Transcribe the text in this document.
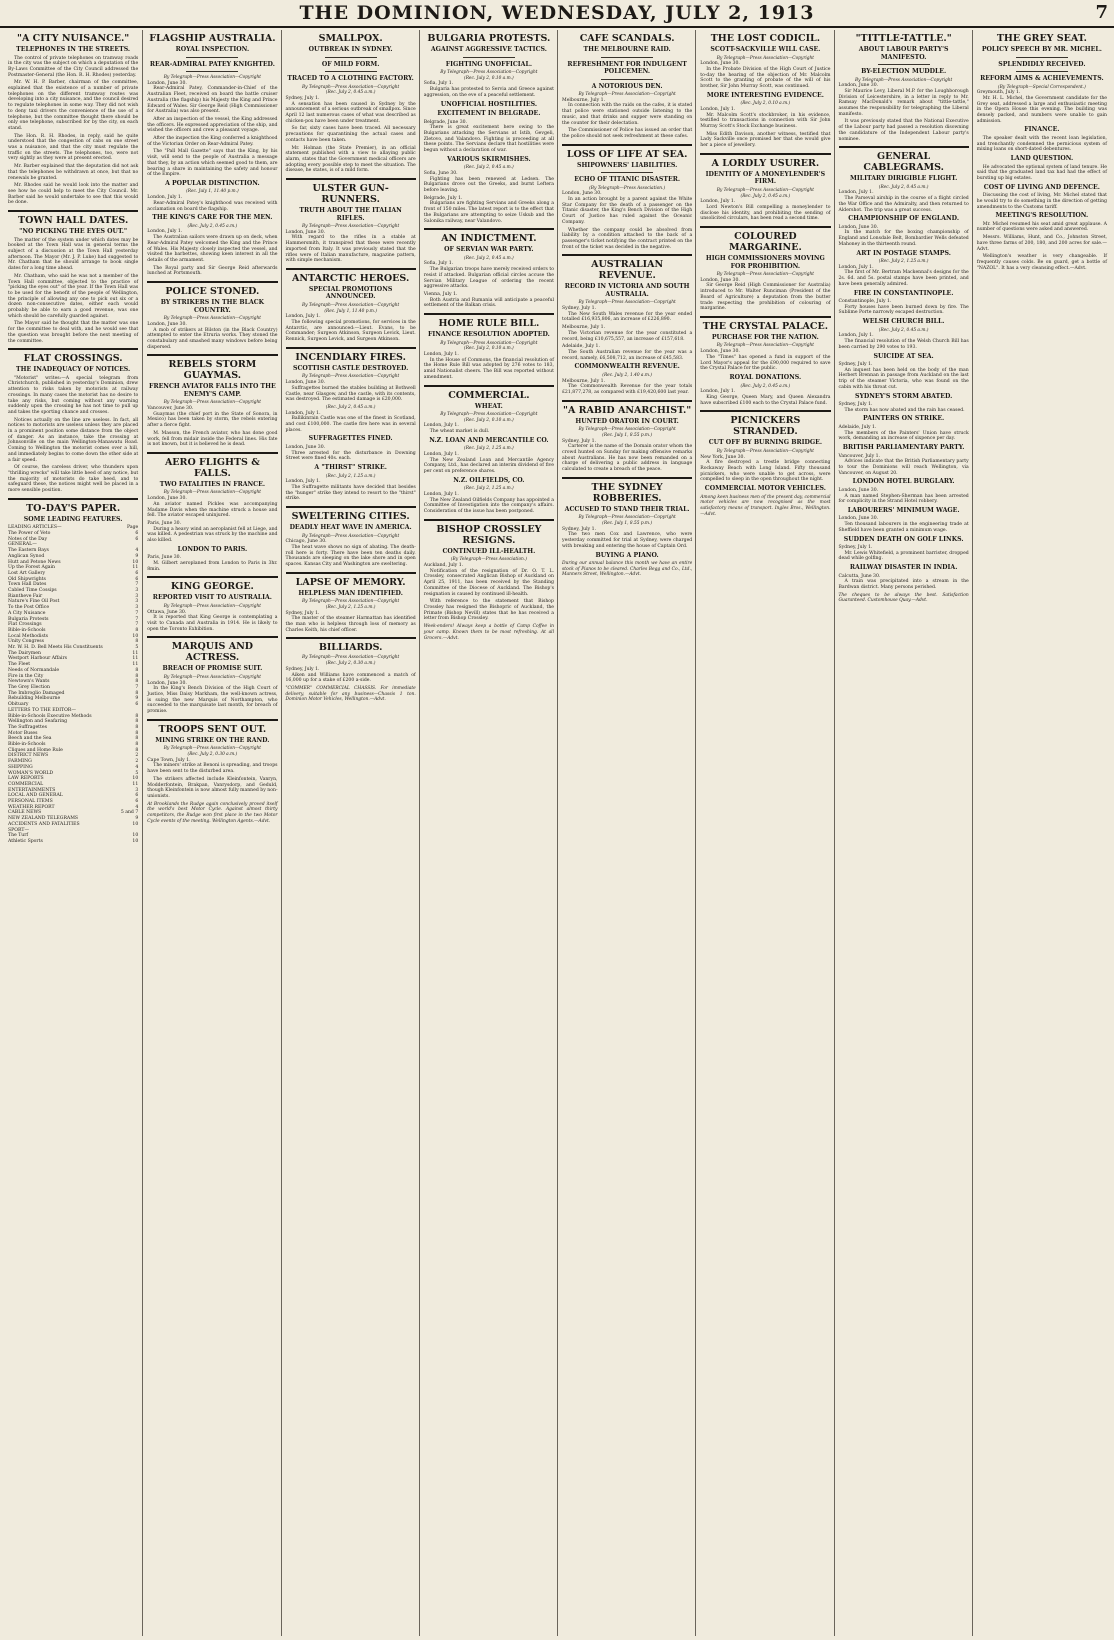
THE DOMINION, WEDNESDAY, JULY 2, 1913	7
"A CITY NUISANCE."
TELEPHONES IN THE STREETS.

The control of private telephones on tramway roads in the city was the subject on which a deputation of the By-Laws Committee of the City Council addressed the Postmaster-General (the Hon. R. H. Rhodes) yesterday.

Mr. W. H. P. Barber, chairman of the committee, explained that the existence of a number of private telephones on the different tramway routes was developing into a city nuisance, and the council desired to regulate telephones in some way. They did not wish to deny taxi drivers the convenience of the use of a telephone, but the committee thought there should be only one telephone, subscribed for by the city, on each stand.

The Hon. R. H. Rhodes, in reply, said he quite understood that the congestion of cabs on one street was a nuisance, and that the city must regulate the traffic on the streets. The telephones, too, were not very sightly as they were at present erected.

Mr. Barber explained that the deputation did not ask that the telephones be withdrawn at once, but that no renewals be granted.

Mr. Rhodes said he would look into the matter and see how he could help to meet the City Council. Mr. Barber said he would undertake to see that this would be done.

TOWN HALL DATES.
"NO PICKING THE EYES OUT."

The matter of the system under which dates may be booked at the Town Hall was in general terms the subject of a discussion at the Town Hall yesterday afternoon. The Mayor (Mr. J. P. Luke) had suggested to Mr. Chatham that he should arrange to book single dates for a long time ahead.

Mr. Chatham, who said he was not a member of the Town Hall committee, objected to the practice of "picking the eyes out" of the year. If the Town Hall was to be used for the benefit of the people of Wellington, the principle of allowing any one to pick out six or a dozen non-consecutive dates, either each would probably be able to earn a good revenue, was one which should be carefully guarded against.

The Mayor said he thought that the matter was one for the committee to deal with, and he would see that the question was brought before the next meeting of the committee.

FLAT CROSSINGS.
THE INADEQUACY OF NOTICES.

"Motorist" writes:—A special telegram from Christchurch, published in yesterday's Dominion, drew attention to risks taken by motorists at railway crossings. In many cases the motorist has no desire to take any risks, but coming without any warning suddenly upon the crossing he has not time to pull up and takes the sporting chance and crosses.

Notices actually on the line are useless. In fact, all notices to motorists are useless unless they are placed in a prominent position some distance from the object of danger. As an instance, take the crossing at Johnsonville on the main Wellington-Manawatu Road. Coming to Wellington the motorist comes over a hill, and immediately begins to come down the other side at a fair speed.

Of course, the careless driver, who thunders upon "thrilling wrecks" will take little heed of any notice, but the majority of motorists do take heed, and to safeguard these, the notices might well be placed in a more sensible position.

TO-DAY'S PAPER.
SOME LEADING FEATURES.
LEADING ARTICLES—	Page
The Power of Veto	6
Notes of the Day	6
GENERAL—
The Eastern Bays	4
Anglican Synod	9
Hutt and Petone News	10
Up the Forest Again	11
Lost Art Gallery	6
Old Shipwrights	6
Town Hall Dates	7
Cabled Time Cossips	3
Riantheve Fair	3
Nature's Fine Oil Post	3
To the Post Office	3
A City Nuisance	7
Bulgaria Protests	7
Flat Crossings	7
Bible-in-Schools	8
Local Methodists	10
Unity Congress	8
Mr. W. H. D. Bell Meets His Constituents	5
The Dairymen	11
Westport Harbour Affairs	11
The Fleet	11
Needs of Normandale	8
Fire in the City	8
Newtown's Wants	8
The Grey Election	7
The Imbroglio Damaged	8
Rebuilding Melbourne	9
Obituary	6
LETTERS TO THE EDITOR—
Bible-in-Schools Executive Methods	8
Wellington and Seafaring	8
The Suffragettes	8
Motor Buses	8
Beech and the Sea	8
Bible-in-Schools	8
Cliques and Home Rule	8
DISTRICT NEWS	2
FARMING	2
SHIPPING	4
WOMAN'S WORLD	5
LAW REPORTS	10
COMMERCIAL	11
ENTERTAINMENTS	3
LOCAL AND GENERAL	6
PERSONAL ITEMS	6
WEATHER REPORT	4
CABLE NEWS	5 and 7
NEW ZEALAND TELEGRAMS	9
ACCIDENTS AND FATALITIES	10
SPORT—
The Turf	10
Athletic Sports	10
FLAGSHIP AUSTRALIA.
ROYAL INSPECTION.
REAR-ADMIRAL PATEY KNIGHTED.
By Telegraph—Press Association—Copyright
London, June 30.

Rear-Admiral Patey, Commander-in-Chief of the Australian Fleet, received on board the battle cruiser Australia (the flagship) his Majesty the King and Prince Edward of Wales. Sir George Reid (High Commissioner for Australia) was also present.

After an inspection of the vessel, the King addressed the officers. He expressed appreciation of the ship, and wished the officers and crew a pleasant voyage.

After the inspection the King conferred a knighthood of the Victorian Order on Rear-Admiral Patey.

The "Pall Mall Gazette" says that the King, by his visit, will send to the people of Australia a message that they, by an action which seemed good to them, are bearing a share in maintaining the safety and honour of the Empire.

A POPULAR DISTINCTION.
(Rec. July 1, 11.40 p.m.)
London, July 1.

Rear-Admiral Patey's knighthood was received with acclamation on board the flagship.

THE KING'S CARE FOR THE MEN.
(Rec. July 2, 0.45 a.m.)
London, July 1.

The Australian sailors were drawn up on deck, when Rear-Admiral Patey welcomed the King and the Prince of Wales. His Majesty closely inspected the vessel, and visited the barbettes, showing keen interest in all the details of the armament.

The Royal party and Sir George Reid afterwards lunched at Portsmouth.

POLICE STONED.
BY STRIKERS IN THE BLACK COUNTRY.
By Telegraph—Press Association—Copyright
London, June 30.

A mob of strikers at Bilston (in the Black Country) attempted to enter the Etruria works. They stoned the constabulary and smashed many windows before being dispersed.

REBELS STORM GUAYMAS.
FRENCH AVIATOR FALLS INTO THE ENEMY'S CAMP.
By Telegraph—Press Association—Copyright
Vancouver, June 30.

Guaymas (the chief port in the State of Sonora, in Mexico) has been taken by storm, the rebels entering after a fierce fight.

M. Masson, the French aviator, who has done good work, fell from midair inside the Federal lines. His fate is not known, but it is believed he is dead.

AERO FLIGHTS & FALLS.
TWO FATALITIES IN FRANCE.
By Telegraph—Press Association—Copyright
London, June 30.

An aviator named Pickles was accompanying Madame Davis when the machine struck a house and fell. The aviator escaped uninjured.

Paris, June 30.

During a heavy wind an aeroplanist fell at Liege, and was killed. A pedestrian was struck by the machine and also killed.

LONDON TO PARIS.
Paris, June 30.

M. Gilbert aeroplaned from London to Paris in 3hr. 8min.

KING GEORGE.
REPORTED VISIT TO AUSTRALIA.
By Telegraph—Press Association—Copyright
Ottawa, June 30.

It is reported that King George is contemplating a visit to Canada and Australia in 1914. He is likely to open the Toronto Exhibition.

MARQUIS AND ACTRESS.
BREACH OF PROMISE SUIT.
By Telegraph—Press Association—Copyright
London, June 30.

In the King's Bench Division of the High Court of Justice, Miss Daisy Markham, the well-known actress, is suing the new Marquis of Northampton, who succeeded to the marquisate last month, for breach of promise.

TROOPS SENT OUT.
MINING STRIKE ON THE RAND.
By Telegraph—Press Association—Copyright
(Rec. July 2, 0.30 a.m.)
Cape Town, July 1.

The miners' strike at Benoni is spreading, and troops have been sent to the disturbed area.

The strikers affected include Kleinfontein, Vanryn, Modderfontein, Brakpan, Vanrysdorp, and Geduld, though Kleinfontein is now almost fully manned by non-unionists.

At Brooklands the Rudge again conclusively proved itself the world's best Motor Cycle. Against almost thirty competitors, the Rudge won first place in the two Motor Cycle events of the meeting. Wellington Agents.—Advt.
SMALLPOX.
OUTBREAK IN SYDNEY.
OF MILD FORM.
TRACED TO A CLOTHING FACTORY.
By Telegraph—Press Association—Copyright
(Rec. July 2, 0.45 a.m.)
Sydney, July 1.

A sensation has been caused in Sydney by the announcement of a serious outbreak of smallpox. Since April 12 last numerous cases of what was described as chicken-pox have been under treatment.

So far, sixty cases have been traced. All necessary precautions for quarantining the actual cases and contacts have been taken.

Mr. Holman (the State Premier), in an official statement published with a view to allaying public alarm, states that the Government medical officers are adopting every possible step to meet the situation. The disease, he states, is of a mild form.

ULSTER GUN-RUNNERS.
TRUTH ABOUT THE ITALIAN RIFLES.
By Telegraph—Press Association—Copyright
London, June 30.

With regard to the rifles in a stable at Hammersmith, it transpired that these were recently imported from Italy. It was previously stated that the rifles were of Italian manufacture, magazine pattern, with simple mechanism.

ANTARCTIC HEROES.
SPECIAL PROMOTIONS ANNOUNCED.
By Telegraph—Press Association—Copyright
(Rec. July 1, 11.40 p.m.)
London, July 1.

The following special promotions, for services in the Antarctic, are announced:—Lieut. Evans, to be Commander; Surgeon Atkinson, Surgeon Levick, Lieut. Rennick, Surgeon Levick, and Surgeon Atkinson.

INCENDIARY FIRES.
SCOTTISH CASTLE DESTROYED.
By Telegraph—Press Association—Copyright
London, June 30.

Suffragettes burned the stables building at Bothwell Castle, near Glasgow, and the castle, with its contents, was destroyed. The estimated damage is £20,000.

(Rec. July 2, 0.45 a.m.)
London, July 1.

Ballikinrain Castle was one of the finest in Scotland, and cost £100,000. The castle fire here was in several places.

SUFFRAGETTES FINED.
London, June 30.

Three arrested for the disturbance in Downing Street were fined 40s. each.

A "THIRST" STRIKE.
(Rec. July 2, 1.25 a.m.)
London, July 1.

The Suffragette militants have decided that besides the "hunger" strike they intend to resort to the "thirst" strike.

SWELTERING CITIES.
DEADLY HEAT WAVE IN AMERICA.
By Telegraph—Press Association—Copyright
Chicago, June 30.

The heat wave shows no sign of abating. The death-roll here is forty. There have been ten deaths daily. Thousands are sleeping on the lake shore and in open spaces. Kansas City and Washington are sweltering.

LAPSE OF MEMORY.
HELPLESS MAN IDENTIFIED.
By Telegraph—Press Association—Copyright
(Rec. July 2, 1.25 a.m.)
Sydney, July 1.

The master of the steamer Harmattan has identified the man who is helpless through loss of memory as Charles Keith, his chief officer.

BILLIARDS.
By Telegraph—Press Association—Copyright
(Rec. July 2, 0.30 a.m.)
Sydney, July 1.

Aiken and Williams have commenced a match of 16,000 up for a stake of £200 a-side.

"COMMER" COMMERCIAL CHASSIS. For immediate delivery, suitable for any business—Chassis 1 ton. Dominion Motor Vehicles, Wellington.—Advt.
BULGARIA PROTESTS.
AGAINST AGGRESSIVE TACTICS.
FIGHTING UNOFFICIAL.
By Telegraph—Press Association—Copyright
(Rec. July 2, 0.10 a.m.)
Sofia, July 1.

Bulgaria has protested to Servia and Greece against aggression, on the eve of a peaceful settlement.

UNOFFICIAL HOSTILITIES.
EXCITEMENT IN BELGRADE.
Belgrade, June 30.

There is great excitement here owing to the Bulgarians attacking the Servians at Istib, Gevgeli, Zletovo, and Valandovo. Fighting is proceeding at all these points. The Servians declare that hostilities were begun without a declaration of war.

VARIOUS SKIRMISHES.
(Rec. July 2, 0.45 a.m.)
Sofia, June 30.

Fighting has been renewed at Ledsen. The Bulgarians drove out the Greeks, and burnt Leftera before leaving.

Belgrade, July 1.

Bulgarians are fighting Servians and Greeks along a front of 150 miles. The latest report is to the effect that the Bulgarians are attempting to seize Uskub and the Salonika railway, near Valandovo.

AN INDICTMENT.
OF SERVIAN WAR PARTY.
(Rec. July 2, 0.45 a.m.)
Sofia, July 1.

The Bulgarian troops have merely received orders to resist if attacked. Bulgarian official circles accuse the Servian Military League of ordering the recent aggressive attacks.

Vienna, July 1.

Both Austria and Rumania will anticipate a peaceful settlement of the Balkan crisis.

HOME RULE BILL.
FINANCE RESOLUTION ADOPTED.
By Telegraph—Press Association—Copyright
(Rec. July 2, 0.10 a.m.)
London, July 1.

In the House of Commons, the financial resolution of the Home Rule Bill was adopted by 276 votes to 183, amid Nationalist cheers. The Bill was reported without amendment.

COMMERCIAL.
WHEAT.
By Telegraph—Press Association—Copyright
(Rec. July 2, 0.10 a.m.)
London, July 1.

The wheat market is dull.

N.Z. LOAN AND MERCANTILE CO.
(Rec. July 2, 1.25 a.m.)
London, July 1.

The New Zealand Loan and Mercantile Agency Company, Ltd., has declared an interim dividend of five per cent on preference shares.

N.Z. OILFIELDS, CO.
(Rec. July 2, 1.25 a.m.)
London, July 1.

The New Zealand Oilfields Company has appointed a Committee of Investigation into the company's affairs. Consideration of the issue has been postponed.

BISHOP CROSSLEY RESIGNS.
CONTINUED ILL-HEALTH.
(By Telegraph—Press Association.)
Auckland, July 1.

Notification of the resignation of Dr. O. T. L. Crossley, consecrated Anglican Bishop of Auckland on April 25, 1911, has been received by the Standing Committee of the Diocese of Auckland. The Bishop's resignation is caused by continued ill-health.

With reference to the statement that Bishop Crossley has resigned the Bishopric of Auckland, the Primate (Bishop Nevill) states that he has received a letter from Bishop Crossley.

Week-enders! Always keep a bottle of Camp Coffee in your camp. Known them to be most refreshing. At all Grocers.—Advt.
CAFE SCANDALS.
THE MELBOURNE RAID.
REFRESHMENT FOR INDULGENT POLICEMEN.
A NOTORIOUS DEN.
By Telegraph—Press Association—Copyright
Melbourne, July 1.

In connection with the raids on the cafes, it is stated that police were stationed outside listening to the music, and that drinks and supper were standing on the counter for their delectation.

The Commissioner of Police has issued an order that the police should not seek refreshment at these cafes.

LOSS OF LIFE AT SEA.
SHIPOWNERS' LIABILITIES.
ECHO OF TITANIC DISASTER.
(By Telegraph—Press Association.)
London, June 30.

In an action brought by a parent against the White Star Company for the death of a passenger on the Titanic disaster, the King's Bench Division of the High Court of Justice has ruled against the Oceanic Company.

Whether the company could be absolved from liability by a condition attached to the back of a passenger's ticket notifying the contract printed on the front of the ticket was decided in the negative.

AUSTRALIAN REVENUE.
RECORD IN VICTORIA AND SOUTH AUSTRALIA.
By Telegraph—Press Association—Copyright
Sydney, July 1.

The New South Wales revenue for the year ended totalled £16,935,806, an increase of £226,890.

Melbourne, July 1.

The Victorian revenue for the year constituted a record, being £10,675,557, an increase of £157,618.

Adelaide, July 1.

The South Australian revenue for the year was a record, namely, £6,508,712, an increase of £45,583.

COMMONWEALTH REVENUE.
(Rec. July 2, 1.40 a.m.)
Melbourne, July 1.

The Commonwealth Revenue for the year totals £21,877,278, as compared with £19,420,600 last year.

"A RABID ANARCHIST."
HUNTED ORATOR IN COURT.
By Telegraph—Press Association—Copyright
(Rec. July 1, 8.55 p.m.)
Sydney, July 1.

Carterer is the name of the Domain orator whom the crowd hunted on Sunday for making offensive remarks about Australians. He has now been remanded on a charge of delivering a public address in language calculated to create a breach of the peace.

THE SYDNEY ROBBERIES.
ACCUSED TO STAND THEIR TRIAL.
By Telegraph—Press Association—Copyright
(Rec. July 1, 8.55 p.m.)
Sydney, July 1.

The two men Cox and Lawrence, who were yesterday committed for trial at Sydney, were charged with breaking and entering the house of Captain Ord.

BUYING A PIANO.
During our annual balance this month we have an entire stock of Pianos to be cleared. Charles Begg and Co., Ltd., Manners Street, Wellington.—Advt.
THE LOST CODICIL.
SCOTT-SACKVILLE WILL CASE.
By Telegraph—Press Association—Copyright
London, June 30.

In the Probate Division of the High Court of Justice to-day the hearing of the objection of Mr. Malcolm Scott to the granting of probate of the will of his brother, Sir John Murray Scott, was continued.

MORE INTERESTING EVIDENCE.
(Rec. July 2, 0.10 a.m.)
London, July 1.

Mr. Malcolm Scott's stockbroker, in his evidence, testified to transactions in connection with Sir John Murray Scott's Stock Exchange business.

Miss Edith Davison, another witness, testified that Lady Sackville once promised her that she would give her a piece of jewellery.

A LORDLY USURER.
IDENTITY OF A MONEYLENDER'S FIRM.
By Telegraph—Press Association—Copyright
(Rec. July 2, 0.45 a.m.)
London, July 1.

Lord Newton's Bill compelling a moneylender to disclose his identity, and prohibiting the sending of unsolicited circulars, has been read a second time.

COLOURED MARGARINE.
HIGH COMMISSIONERS MOVING FOR PROHIBITION.
By Telegraph—Press Association—Copyright
London, June 30.

Sir George Reid (High Commissioner for Australia) introduced to Mr. Walter Runciman (President of the Board of Agriculture) a deputation from the butter trade respecting the prohibition of colouring of margarine.

THE CRYSTAL PALACE.
PURCHASE FOR THE NATION.
By Telegraph—Press Association—Copyright
London, June 30.

The "Times" has opened a fund in support of the Lord Mayor's appeal for the £90,000 required to save the Crystal Palace for the public.

ROYAL DONATIONS.
(Rec. July 2, 0.45 a.m.)
London, July 1.

King George, Queen Mary, and Queen Alexandra have subscribed £100 each to the Crystal Palace fund.

PICNICKERS STRANDED.
CUT OFF BY BURNING BRIDGE.
By Telegraph—Press Association—Copyright
New York, June 30.

A fire destroyed a trestle bridge connecting Rockaway Beach with Long Island. Fifty thousand picnickers, who were unable to get across, were compelled to sleep in the open throughout the night.

COMMERCIAL MOTOR VEHICLES.
Among keen business men of the present day, commercial motor vehicles are now recognised as the most satisfactory means of transport. Ingles Bros., Wellington.—Advt.
"TITTLE-TATTLE."
ABOUT LABOUR PARTY'S MANIFESTO.
BY-ELECTION MUDDLE.
By Telegraph—Press Association—Copyright
London, June 30.

Sir Maurice Levy, Liberal M.P. for the Loughborough Division of Leicestershire, in a letter in reply to Mr. Ramsay MacDonald's remark about "tittle-tattle," assumes the responsibility for telegraphing the Liberal manifesto.

It was previously stated that the National Executive of the Labour party had passed a resolution disowning the candidature of the Independent Labour party's nominee.

GENERAL CABLEGRAMS.
MILITARY DIRIGIBLE FLIGHT.
(Rec. July 2, 0.45 a.m.)
London, July 1.

The Parseval airship in the course of a flight circled the War Office and the Admiralty, and then returned to Aldershot. The trip was a great success.

CHAMPIONSHIP OF ENGLAND.
London, June 30.

In the match for the boxing championship of England and Lonsdale Belt, Bombardier Wells defeated Mahoney in the thirteenth round.

ART IN POSTAGE STAMPS.
(Rec. July 2, 1.25 a.m.)
London, July 1.

The first of Mr. Bertram Mackennal's designs for the 2s. 6d. and 5s. postal stamps have been printed, and have been generally admired.

FIRE IN CONSTANTINOPLE.
Constantinople, July 1.

Forty houses have been burned down by fire. The Sublime Porte narrowly escaped destruction.

WELSH CHURCH BILL.
(Rec. July 2, 0.45 a.m.)
London, July 1.

The financial resolution of the Welsh Church Bill has been carried by 290 votes to 193.

SUICIDE AT SEA.
Sydney, July 1.

An inquest has been held on the body of the man Herbert Brennan in passage from Auckland on the last trip of the steamer Victoria, who was found on the cabin with his throat cut.

SYDNEY'S STORM ABATED.
Sydney, July 1.

The storm has now abated and the rain has ceased.

PAINTERS ON STRIKE.
Adelaide, July 1.

The members of the Painters' Union have struck work, demanding an increase of sixpence per day.

BRITISH PARLIAMENTARY PARTY.
Vancouver, July 1.

Advices indicate that the British Parliamentary party to tour the Dominions will reach Wellington, via Vancouver, on August 20.

LONDON HOTEL BURGLARY.
London, June 30.

A man named Stephen-Sherman has been arrested for complicity in the Strand Hotel robbery.

LABOURERS' MINIMUM WAGE.
London, June 30.

Ten thousand labourers in the engineering trade at Sheffield have been granted a minimum wage.

SUDDEN DEATH ON GOLF LINKS.
Sydney, July 1.

Mr. Lewis Whitefield, a prominent barrister, dropped dead while golfing.

RAILWAY DISASTER IN INDIA.
Calcutta, June 30.

A train was precipitated into a stream in the Bardwan district. Many persons perished.

The cheques to be always the best. Satisfaction Guaranteed. Customhouse Quay.—Advt.
THE GREY SEAT.
POLICY SPEECH BY MR. MICHEL.
SPLENDIDLY RECEIVED.
REFORM AIMS & ACHIEVEMENTS.
(By Telegraph—Special Correspondent.)
Greymouth, July 1.

Mr. H. L. Michel, the Government candidate for the Grey seat, addressed a large and enthusiastic meeting in the Opera House this evening. The building was densely packed, and numbers were unable to gain admission.

FINANCE.

The speaker dealt with the recent loan legislation, and trenchantly condemned the pernicious system of mixing loans on short-dated debentures.

LAND QUESTION.

He advocated the optional system of land tenure. He said that the graduated land tax had had the effect of bursting up big estates.

COST OF LIVING AND DEFENCE.

Discussing the cost of living, Mr. Michel stated that he would try to do something in the direction of getting amendments to the Customs tariff.

MEETING'S RESOLUTION.

Mr. Michel resumed his seat amid great applause. A number of questions were asked and answered.

Messrs. Williams, Hunt, and Co., Johnston Street, have three farms of 200, 180, and 200 acres for sale.—Advt.

Wellington's weather is very changeable. If frequently causes colds. Be on guard, get a bottle of "NAZOL". It has a very cleansing effect.—Advt.
